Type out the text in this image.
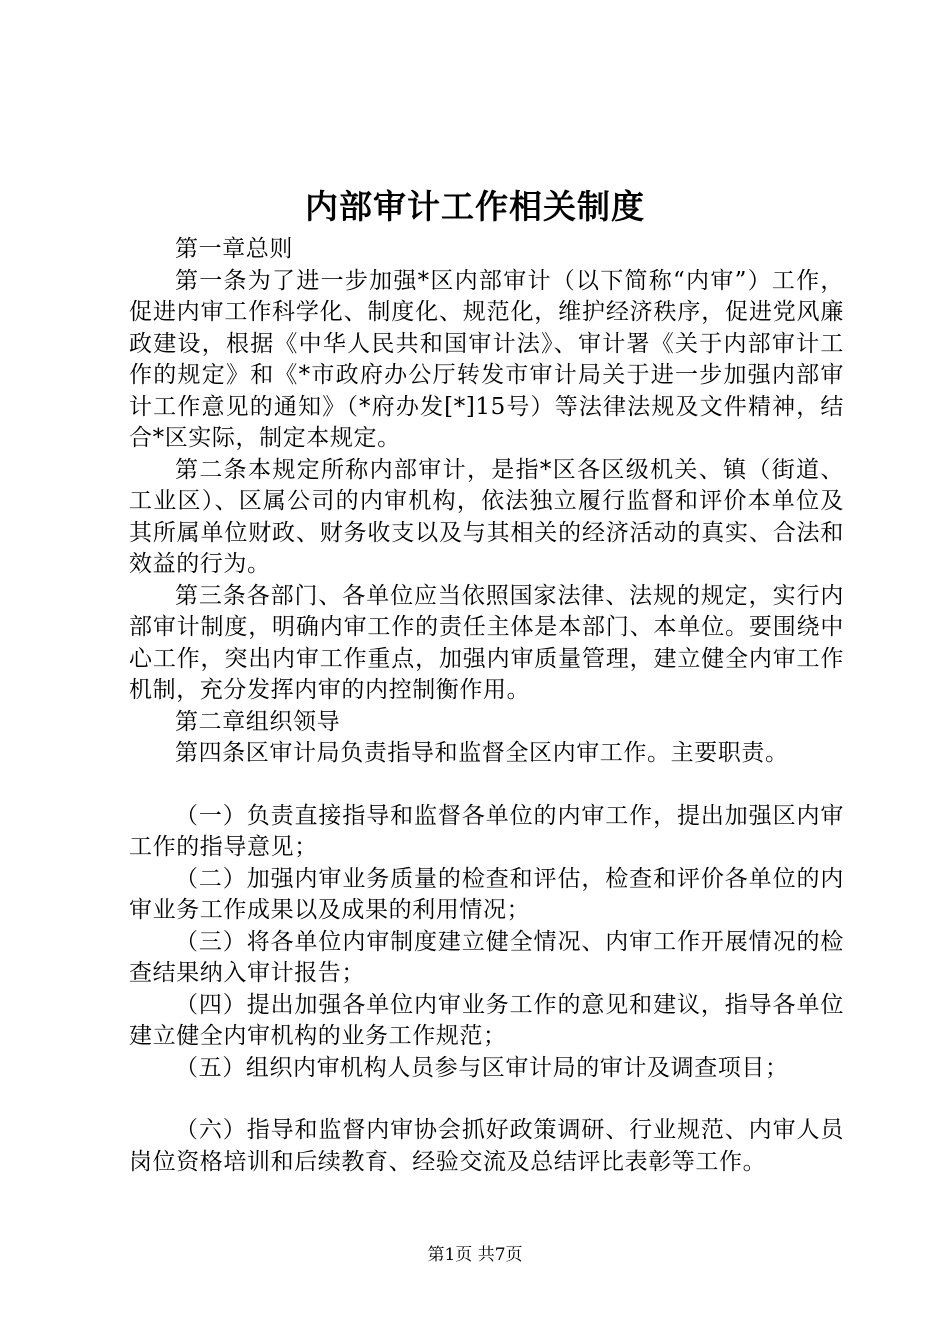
内部审计工作相关制度

第一章总则

第一条为了进一步加强*区内部审计（以下简称“内审”）工作，促进内审工作科学化、制度化、规范化，维护经济秩序，促进党风廉政建设，根据《中华人民共和国审计法》、审计署《关于内部审计工作的规定》和《*市政府办公厅转发市审计局关于进一步加强内部审计工作意见的通知》（*府办发[*]15号）等法律法规及文件精神，结合*区实际，制定本规定。

第二条本规定所称内部审计，是指*区各区级机关、镇（街道、工业区）、区属公司的内审机构，依法独立履行监督和评价本单位及其所属单位财政、财务收支以及与其相关的经济活动的真实、合法和效益的行为。

第三条各部门、各单位应当依照国家法律、法规的规定，实行内部审计制度，明确内审工作的责任主体是本部门、本单位。要围绕中心工作，突出内审工作重点，加强内审质量管理，建立健全内审工作机制，充分发挥内审的内控制衡作用。

第二章组织领导

第四条区审计局负责指导和监督全区内审工作。主要职责。

（一）负责直接指导和监督各单位的内审工作，提出加强区内审工作的指导意见；

（二）加强内审业务质量的检查和评估，检查和评价各单位的内审业务工作成果以及成果的利用情况；

（三）将各单位内审制度建立健全情况、内审工作开展情况的检查结果纳入审计报告；

（四）提出加强各单位内审业务工作的意见和建议，指导各单位建立健全内审机构的业务工作规范；

（五）组织内审机构人员参与区审计局的审计及调查项目；

（六）指导和监督内审协会抓好政策调研、行业规范、内审人员岗位资格培训和后续教育、经验交流及总结评比表彰等工作。

第1页 共7页
